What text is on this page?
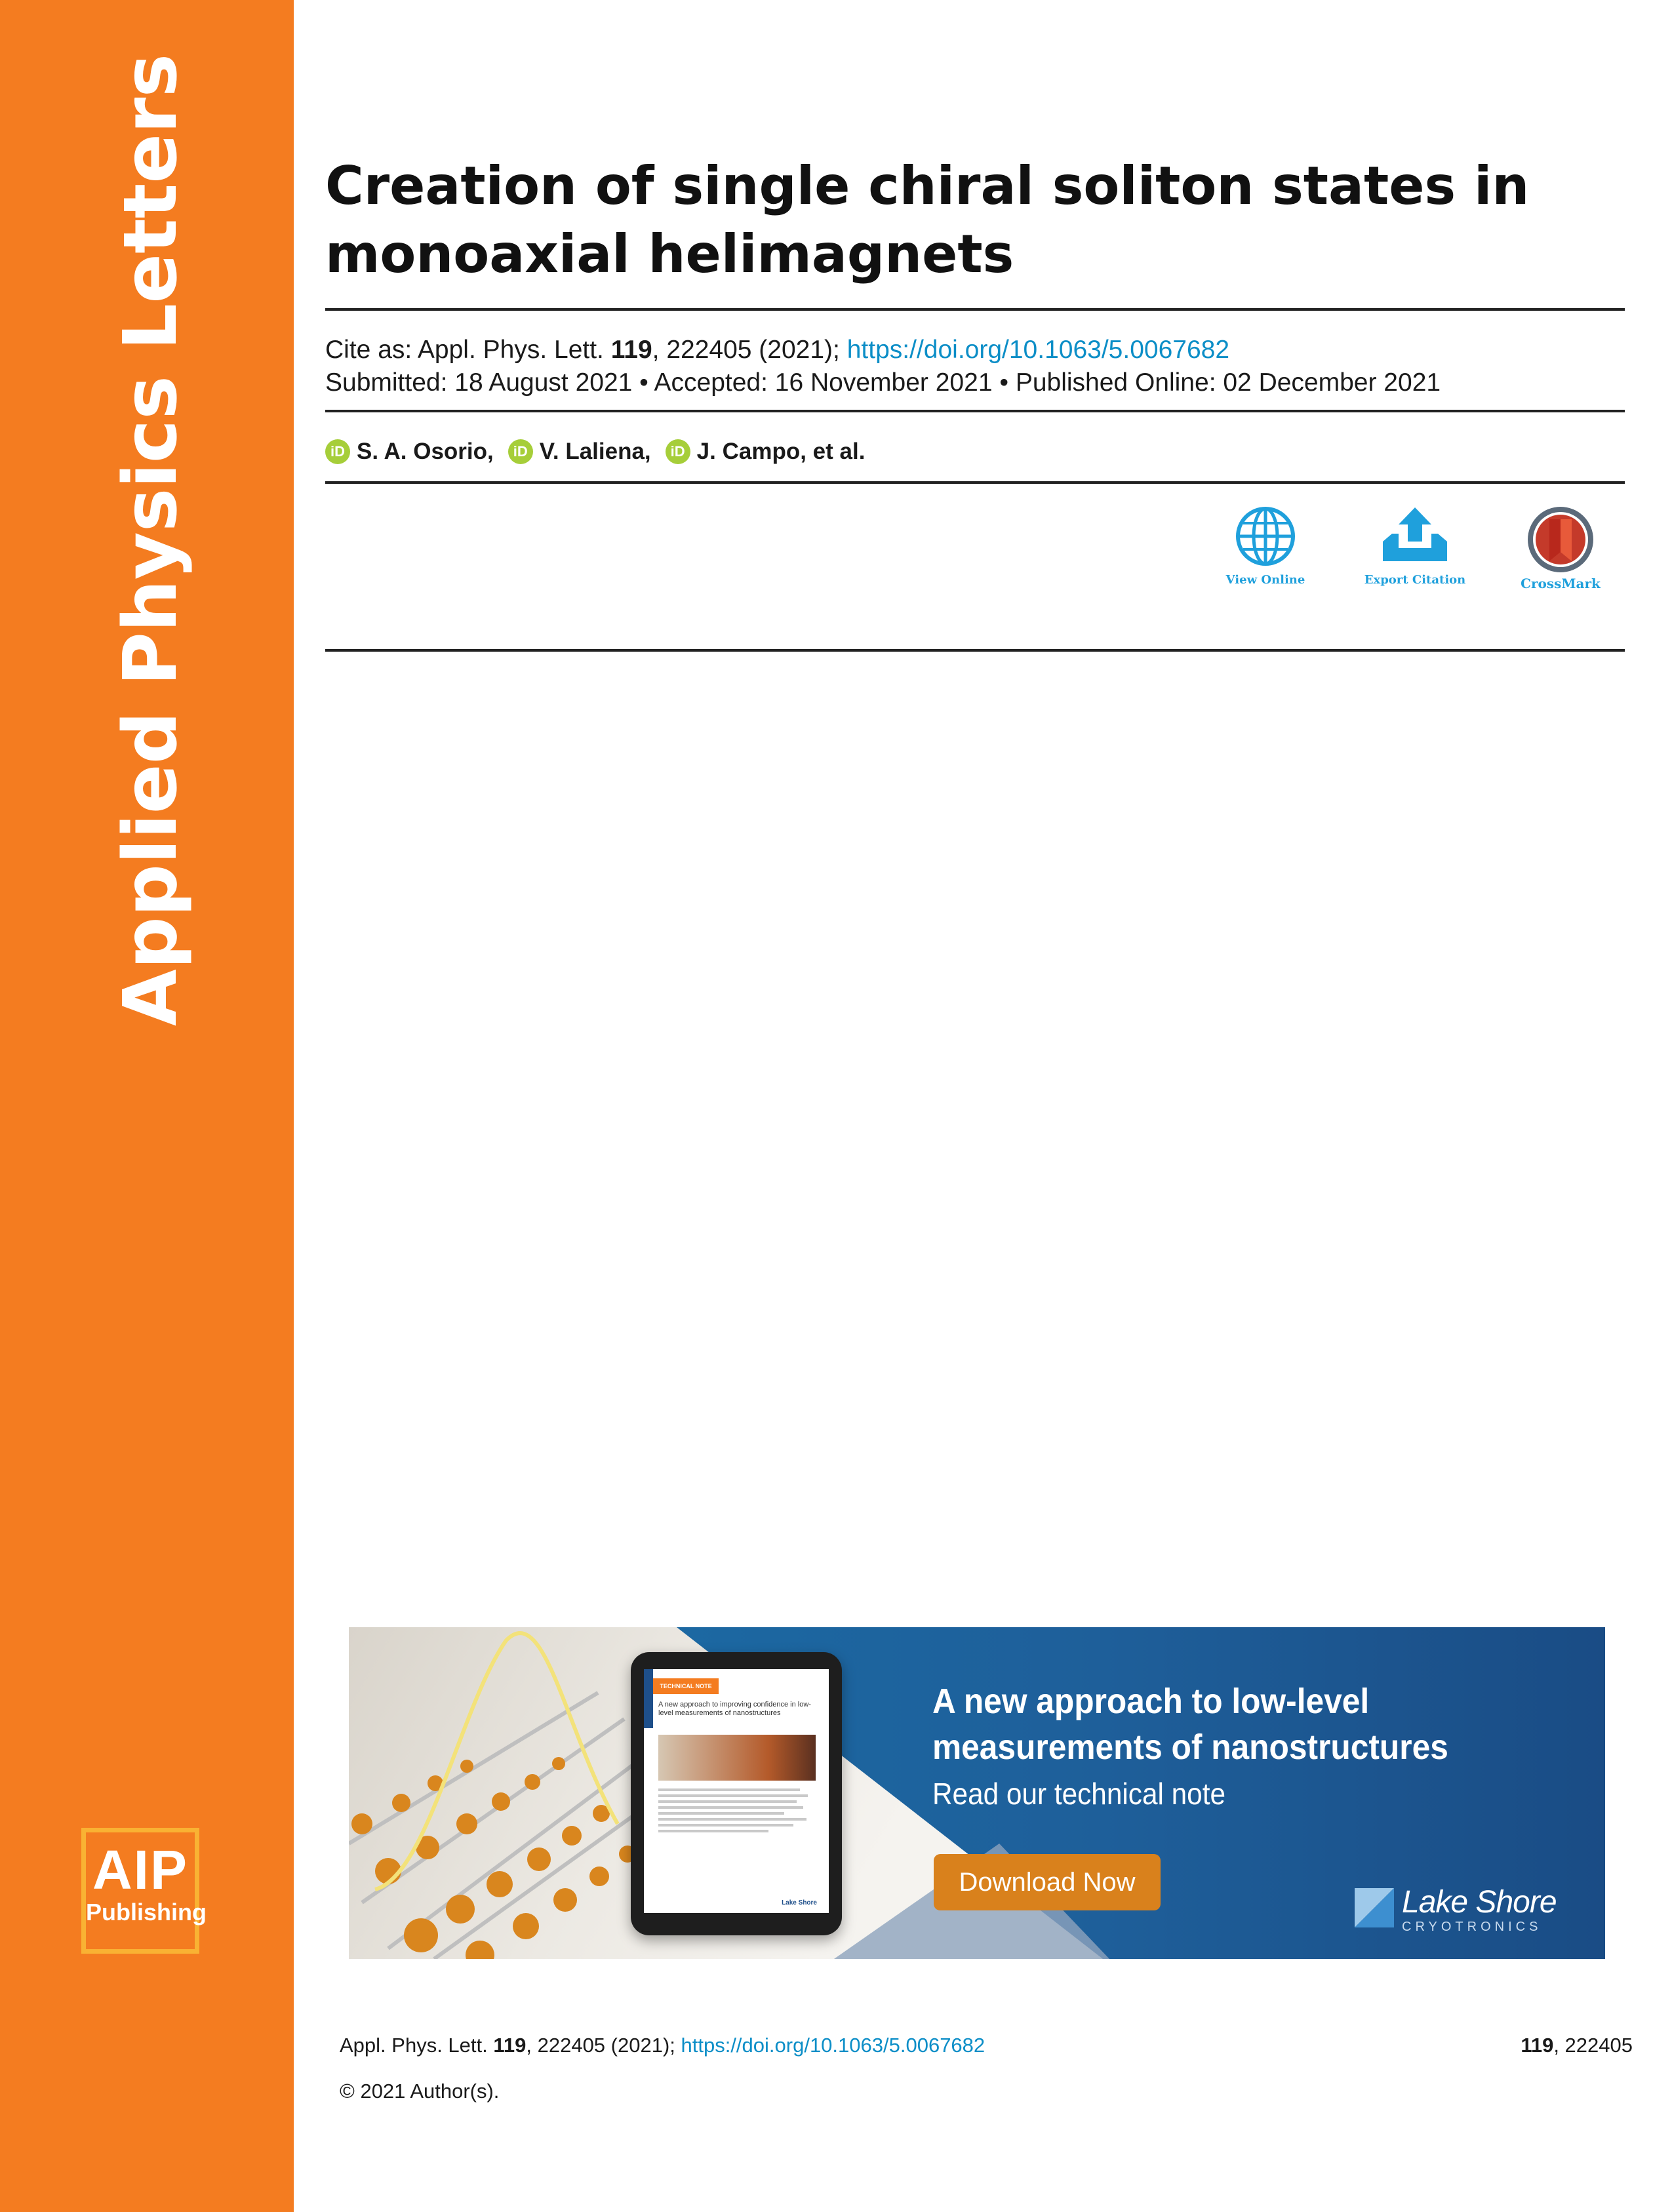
Applied Physics Letters
AIP
Publishing
Creation of single chiral soliton states in
monoaxial helimagnets
Cite as: Appl. Phys. Lett. 119, 222405 (2021); https://doi.org/10.1063/5.0067682
Submitted: 18 August 2021 • Accepted: 16 November 2021 • Published Online: 02 December 2021
iD S. A. Osorio,	iD V. Laliena,	iD J. Campo, et al.
View Online	Export Citation	CrossMark
TECHNICAL NOTE
A new approach to improving confidence in low-level measurements of nanostructures
Lake Shore
A new approach to low-level
measurements of nanostructures
Read our technical note
Download Now
Lake Shore
CRYOTRONICS
Appl. Phys. Lett. 119, 222405 (2021); https://doi.org/10.1063/5.0067682	119, 222405
© 2021 Author(s).
